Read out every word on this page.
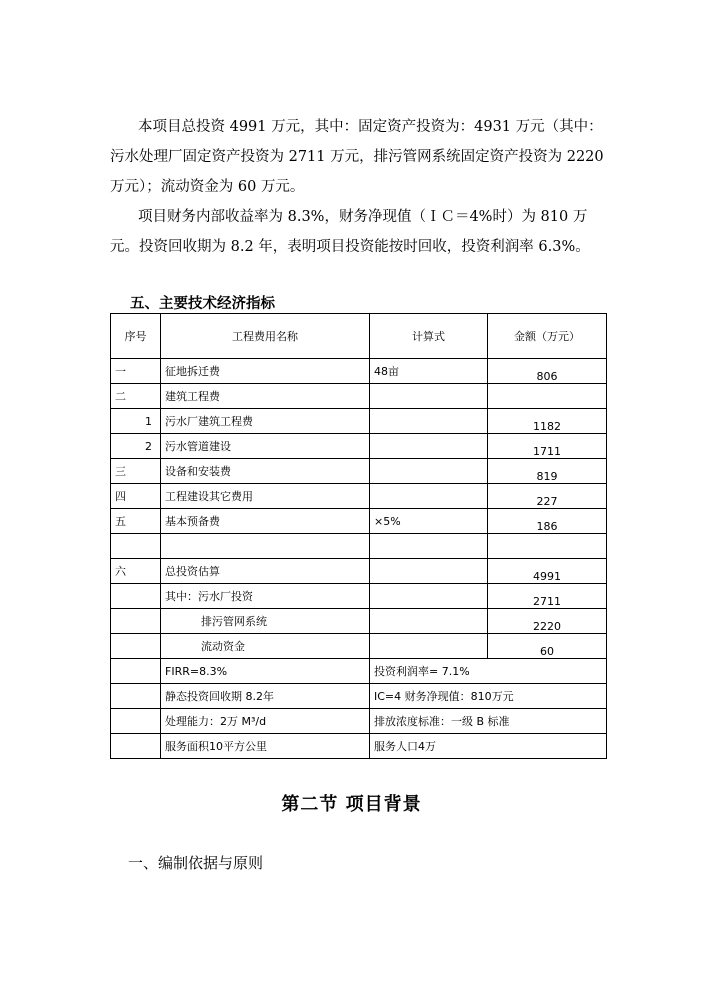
本项目总投资 4991 万元，其中：固定资产投资为：4931 万元（其中：污水处理厂固定资产投资为 2711 万元，排污管网系统固定资产投资为 2220 万元）；流动资金为 60 万元。
项目财务内部收益率为 8.3%，财务净现值（ＩＣ＝4%时）为 810 万元。投资回收期为 8.2 年，表明项目投资能按时回收，投资利润率 6.3%。
五、主要技术经济指标
序号	工程费用名称	计算式	金额（万元）
一	征地拆迁费	48亩	806
二	建筑工程费		
1	污水厂建筑工程费		1182
2	污水管道建设		1711
三	设备和安装费		819
四	工程建设其它费用		227
五	基本预备费	×5%	186

六	总投资估算		4991
	其中：污水厂投资		2711
	排污管网系统		2220
	流动资金		60
	FIRR=8.3%	投资利润率= 7.1%	
	静态投资回收期 8.2年	IC=4 财务净现值：810万元	
	处理能力：2万 M³/d	排放浓度标准：一级 B 标准	
	服务面积10平方公里	服务人口4万	
第二节 项目背景
一、编制依据与原则
